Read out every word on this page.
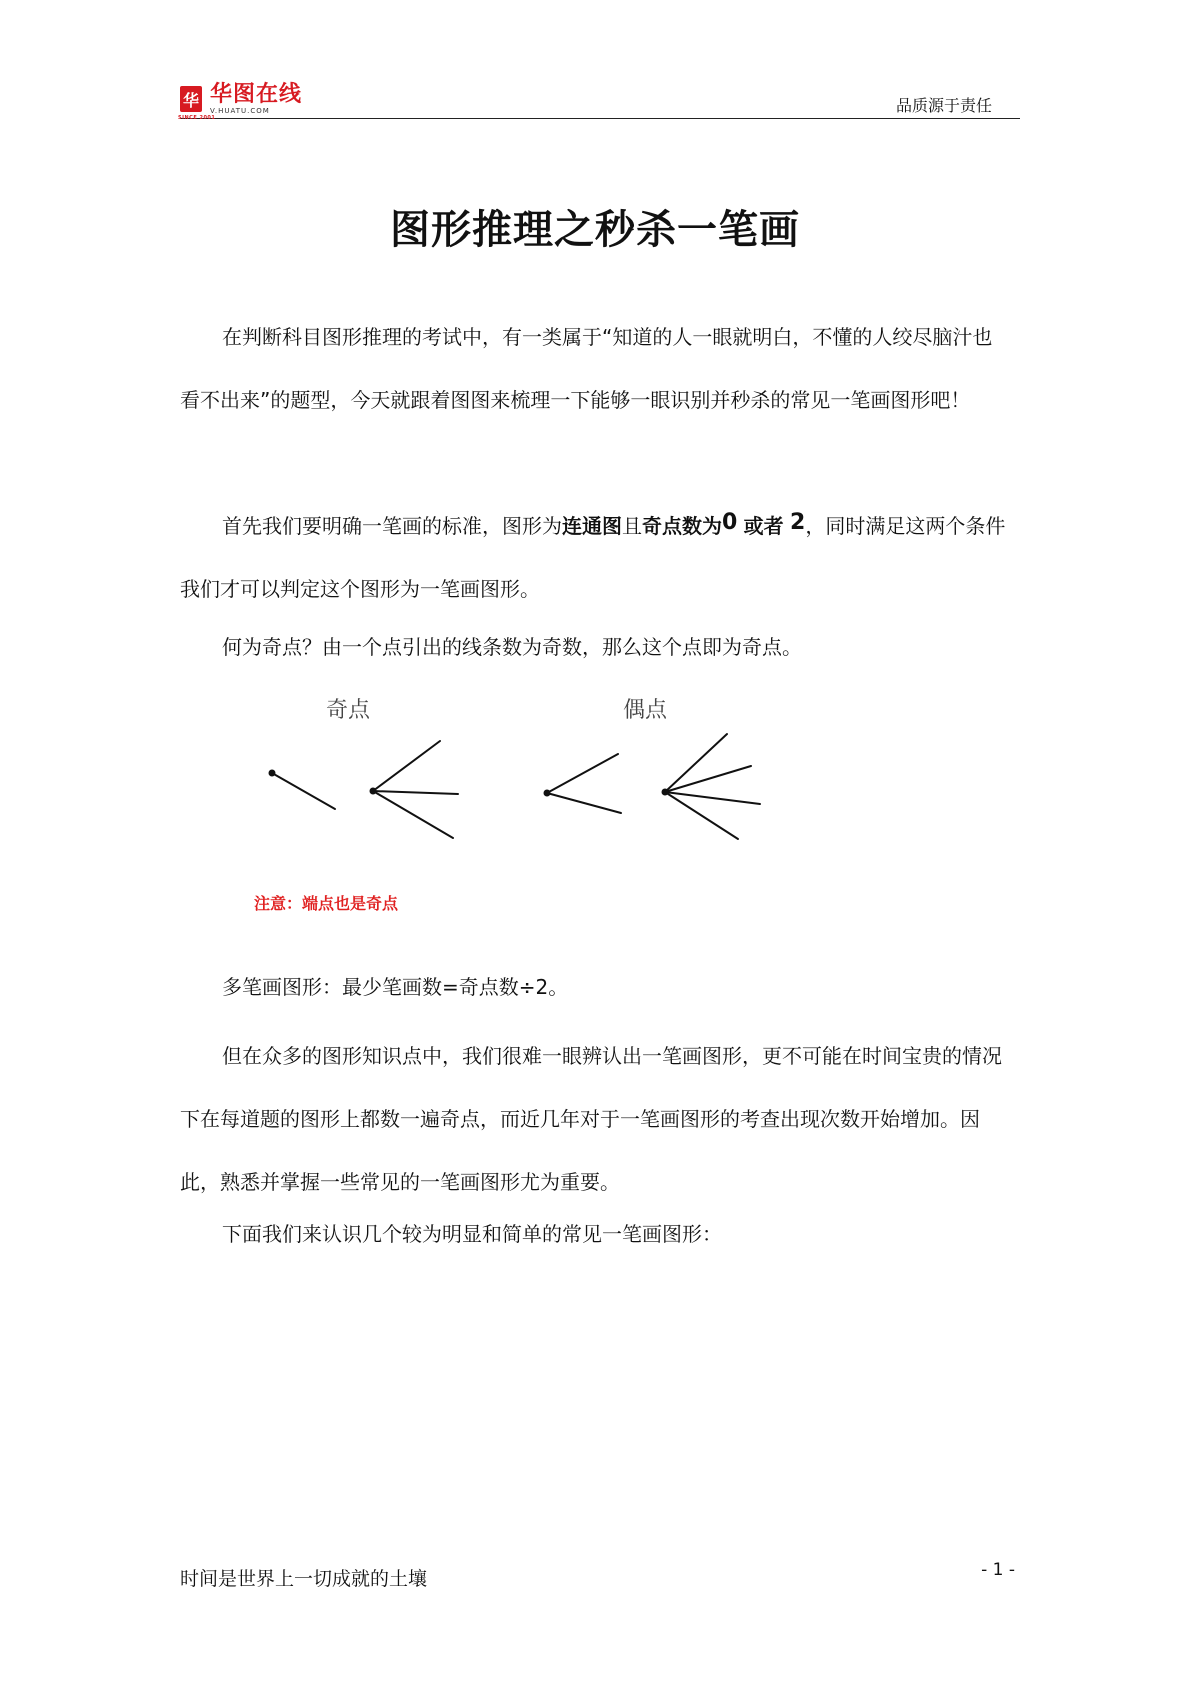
华
SINCE 2001
华图在线
V.HUATU.COM	品质源于责任
图形推理之秒杀一笔画

在判断科目图形推理的考试中，有一类属于“知道的人一眼就明白，不懂的人绞尽脑汁也看不出来”的题型，今天就跟着图图来梳理一下能够一眼识别并秒杀的常见一笔画图形吧！

首先我们要明确一笔画的标准，图形为连通图且奇点数为0 或者 2，同时满足这两个条件我们才可以判定这个图形为一笔画图形。

何为奇点？由一个点引出的线条数为奇数，那么这个点即为奇点。

奇点	偶点
注意：端点也是奇点

多笔画图形：最少笔画数=奇点数÷2。

但在众多的图形知识点中，我们很难一眼辨认出一笔画图形，更不可能在时间宝贵的情况下在每道题的图形上都数一遍奇点，而近几年对于一笔画图形的考查出现次数开始增加。因此，熟悉并掌握一些常见的一笔画图形尤为重要。

下面我们来认识几个较为明显和简单的常见一笔画图形：

时间是世界上一切成就的土壤	- 1 -
